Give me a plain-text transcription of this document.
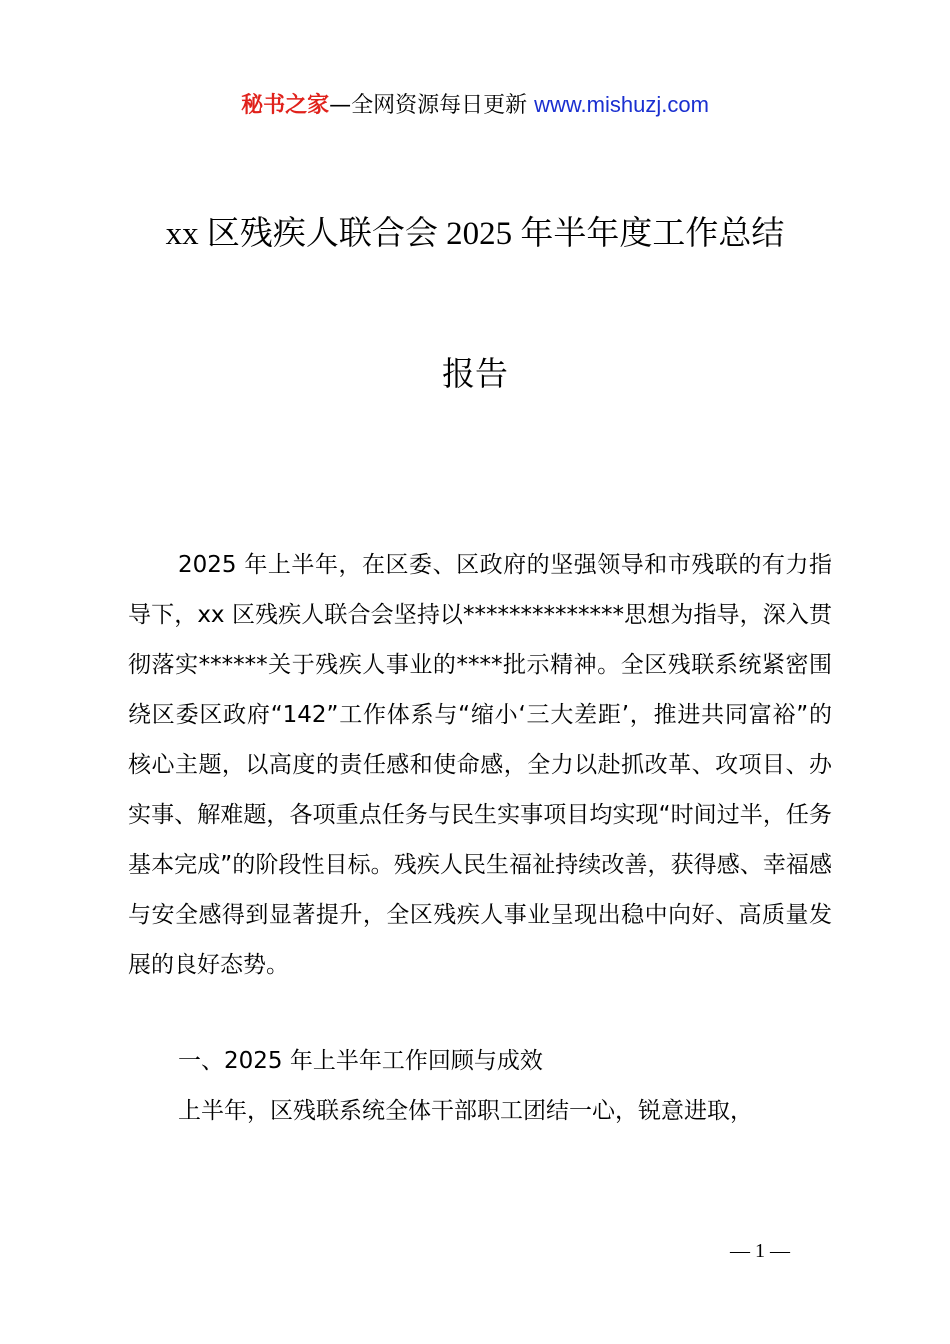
秘书之家—全网资源每日更新 www.mishuzj.com
xx 区残疾人联合会 2025 年半年度工作总结
报告

2025 年上半年，在区委、区政府的坚强领导和市残联的有力指导下，xx 区残疾人联合会坚持以**************思想为指导，深入贯彻落实******关于残疾人事业的****批示精神。全区残联系统紧密围绕区委区政府“142”工作体系与“缩小‘三大差距’，推进共同富裕”的核心主题，以高度的责任感和使命感，全力以赴抓改革、攻项目、办实事、解难题，各项重点任务与民生实事项目均实现“时间过半，任务基本完成”的阶段性目标。残疾人民生福祉持续改善，获得感、幸福感与安全感得到显著提升，全区残疾人事业呈现出稳中向好、高质量发展的良好态势。

一、2025 年上半年工作回顾与成效

上半年，区残联系统全体干部职工团结一心，锐意进取，

— 1 —
